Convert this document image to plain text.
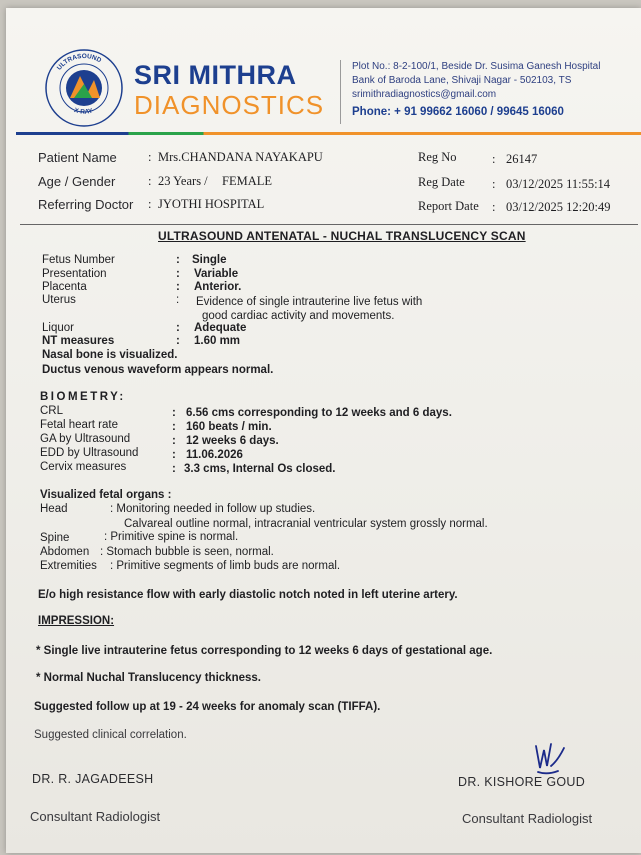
ULTRASOUND
X-RAY
SRI MITHRA
DIAGNOSTICS
Plot No.: 8-2-100/1, Beside Dr. Susima Ganesh Hospital
Bank of Baroda Lane, Shivaji Nagar - 502103, TS
srimithradiagnostics@gmail.com
Phone: + 91 99662 16060 / 99645 16060
Patient Name : Mrs.CHANDANA NAYAKAPU
Age / Gender	: 23 Years / FEMALE
Referring Doctor : JYOTHI HOSPITAL
Reg No	: 26147
Reg Date : 03/12/2025 11:55:14
Report Date : 03/12/2025 12:20:49
ULTRASOUND ANTENATAL - NUCHAL TRANSLUCENCY SCAN
Fetus Number	: Single
Presentation	: Variable
Placenta	: Anterior.
Uterus	: Evidence of single intrauterine live fetus with
good cardiac activity and movements.
Liquor	: Adequate
NT measures	: 1.60 mm
Nasal bone is visualized.
Ductus venous waveform appears normal.
BIOMETRY:
CRL	: 6.56 cms corresponding to 12 weeks and 6 days.
Fetal heart rate	: 160 beats / min.
GA by Ultrasound	: 12 weeks 6 days.
EDD by Ultrasound	: 11.06.2026
Cervix measures	: 3.3 cms, Internal Os closed.
Visualized fetal organs :
Head	: Monitoring needed in follow up studies.
Calvareal outline normal, intracranial ventricular system grossly normal.
Spine	: Primitive spine is normal.
Abdomen : Stomach bubble is seen, normal.
Extremities : Primitive segments of limb buds are normal.
E/o high resistance flow with early diastolic notch noted in left uterine artery.
IMPRESSION:
* Single live intrauterine fetus corresponding to 12 weeks 6 days of gestational age.
* Normal Nuchal Translucency thickness.
Suggested follow up at 19 - 24 weeks for anomaly scan (TIFFA).
Suggested clinical correlation.
DR. R. JAGADEESH
Consultant Radiologist
DR. KISHORE GOUD
Consultant Radiologist
